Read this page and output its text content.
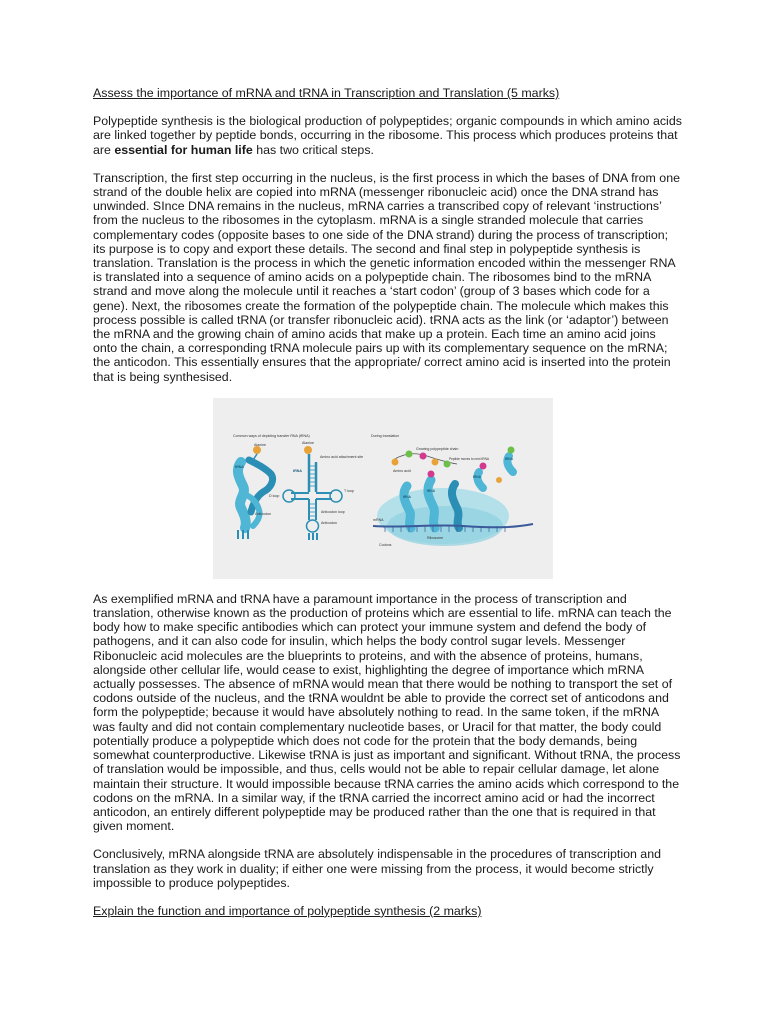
Assess the importance of mRNA and tRNA in Transcription and Translation (5 marks)

Polypeptide synthesis is the biological production of polypeptides; organic compounds in which amino acids are linked together by peptide bonds, occurring in the ribosome. This process which produces proteins that are essential for human life has two critical steps.

Transcription, the first step occurring in the nucleus, is the first process in which the bases of DNA from one strand of the double helix are copied into mRNA (messenger ribonucleic acid) once the DNA strand has unwinded. SInce DNA remains in the nucleus, mRNA carries a transcribed copy of relevant ‘instructions’ from the nucleus to the ribosomes in the cytoplasm. mRNA is a single stranded molecule that carries complementary codes (opposite bases to one side of the DNA strand) during the process of transcription; its purpose is to copy and export these details. The second and final step in polypeptide synthesis is translation. Translation is the process in which the genetic information encoded within the messenger RNA is translated into a sequence of amino acids on a polypeptide chain. The ribosomes bind to the mRNA strand and move along the molecule until it reaches a ‘start codon’ (group of 3 bases which code for a gene). Next, the ribosomes create the formation of the polypeptide chain. The molecule which makes this process possible is called tRNA (or transfer ribonucleic acid). tRNA acts as the link (or ‘adaptor’) between the mRNA and the growing chain of amino acids that make up a protein. Each time an amino acid joins onto the chain, a corresponding tRNA molecule pairs up with its complementary sequence on the mRNA; the anticodon. This essentially ensures that the appropriate/ correct amino acid is inserted into the protein that is being synthesised.

Common ways of depicting transfer RNA (tRNA)
Alanine
tRNA
Anticodon
Alanine
Amino acid attachment site
tRNA
D loop
T loop
Anticodon loop
Anticodon
During translation
Growing polypeptide chain
Peptide moves to next tRNA
Amino acid
mRNA
Codons
Ribosome
tRNA
tRNA
tRNA
tRNA

As exemplified mRNA and tRNA have a paramount importance in the process of transcription and translation, otherwise known as the production of proteins which are essential to life. mRNA can teach the body how to make specific antibodies which can protect your immune system and defend the body of pathogens, and it can also code for insulin, which helps the body control sugar levels. Messenger Ribonucleic acid molecules are the blueprints to proteins, and with the absence of proteins, humans, alongside other cellular life, would cease to exist, highlighting the degree of importance which mRNA actually possesses. The absence of mRNA would mean that there would be nothing to transport the set of codons outside of the nucleus, and the tRNA wouldnt be able to provide the correct set of anticodons and form the polypeptide; because it would have absolutely nothing to read. In the same token, if the mRNA was faulty and did not contain complementary nucleotide bases, or Uracil for that matter, the body could potentially produce a polypeptide which does not code for the protein that the body demands, being somewhat counterproductive. Likewise tRNA is just as important and significant. Without tRNA, the process of translation would be impossible, and thus, cells would not be able to repair cellular damage, let alone maintain their structure. It would impossible because tRNA carries the amino acids which correspond to the codons on the mRNA. In a similar way, if the tRNA carried the incorrect amino acid or had the incorrect anticodon, an entirely different polypeptide may be produced rather than the one that is required in that given moment.

Conclusively, mRNA alongside tRNA are absolutely indispensable in the procedures of transcription and translation as they work in duality; if either one were missing from the process, it would become strictly impossible to produce polypeptides.

Explain the function and importance of polypeptide synthesis (2 marks)
